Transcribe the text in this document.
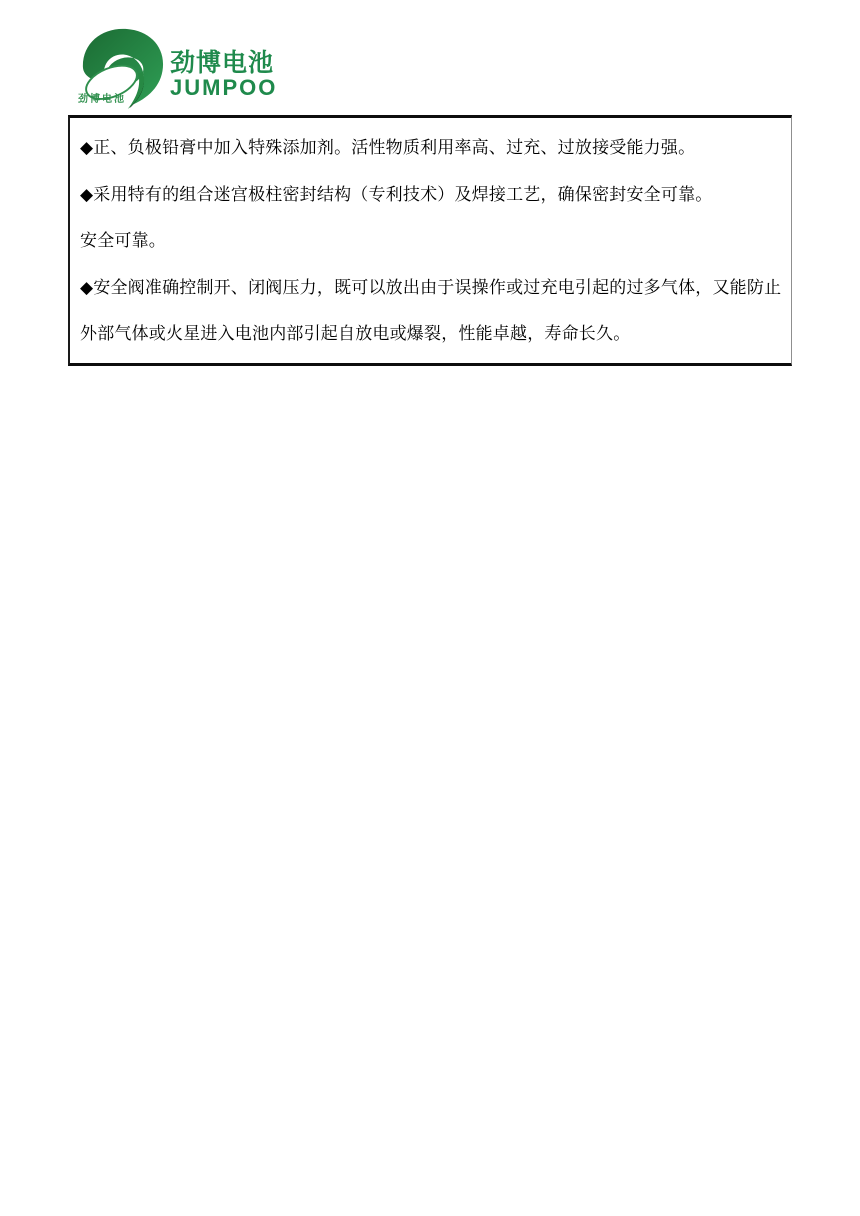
劲博电池
劲博电池
JUMPOO
◆正、负极铅膏中加入特殊添加剂。活性物质利用率高、过充、过放接受能力强。
◆采用特有的组合迷宫极柱密封结构（专利技术）及焊接工艺，确保密封安全可靠。
安全可靠。
◆安全阀准确控制开、闭阀压力，既可以放出由于误操作或过充电引起的过多气体，又能防止
外部气体或火星进入电池内部引起自放电或爆裂，性能卓越，寿命长久。
